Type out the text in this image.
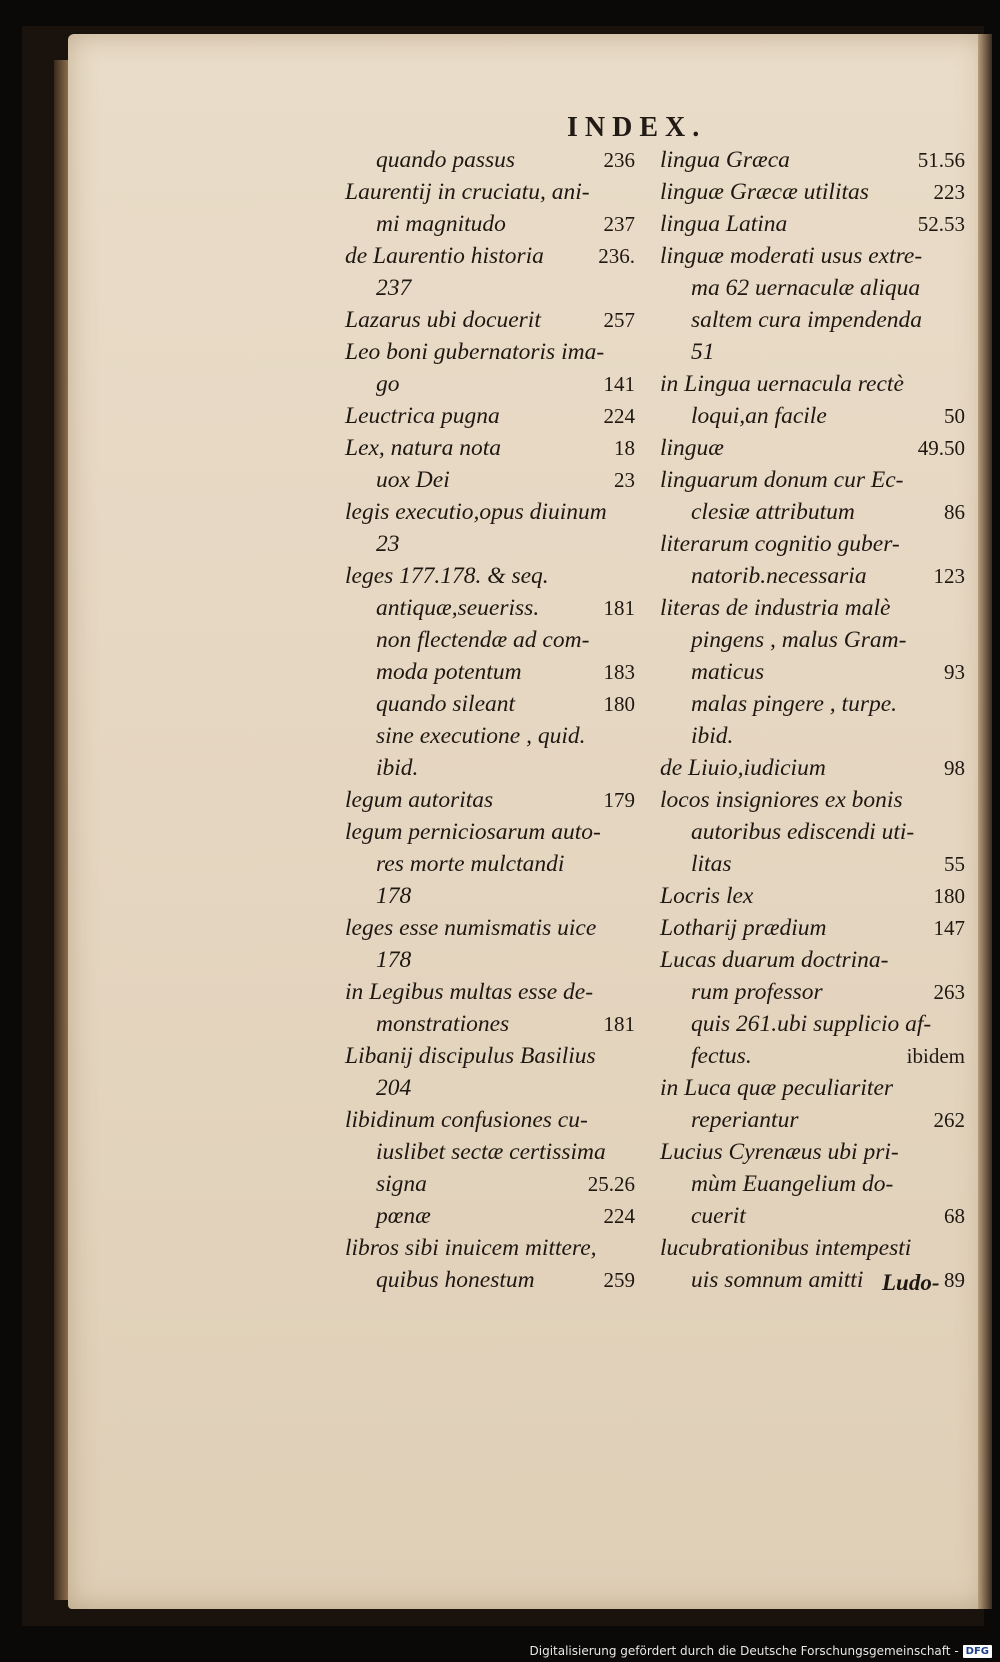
INDEX.
quando passus	236
Laurentij in cruciatu, ani-
mi magnitudo	237
de Laurentio historia	236.
237
Lazarus ubi docuerit	257
Leo boni gubernatoris ima-
go	141
Leuctrica pugna	224
Lex, natura nota	18
uox Dei	23
legis executio,opus diuinum
23
leges 177.178. & seq.
antiquæ,seueriss.	181
non flectendæ ad com-
moda potentum	183
quando sileant	180
sine executione , quid.
ibid.
legum autoritas	179
legum perniciosarum auto-
res morte mulctandi
178
leges esse numismatis uice
178
in Legibus multas esse de-
monstrationes	181
Libanij discipulus Basilius
204
libidinum confusiones cu-
iuslibet sectæ certissima
signa	25.26
pœnæ	224
libros sibi inuicem mittere,
quibus honestum	259
lingua Græca	51.56
linguæ Græcæ utilitas	223
lingua Latina	52.53
linguæ moderati usus extre-
ma 62 uernaculæ aliqua
saltem cura impendenda
51
in Lingua uernacula rectè
loqui,an facile	50
linguæ	49.50
linguarum donum cur Ec-
clesiæ attributum	86
literarum cognitio guber-
natorib.necessaria	123
literas de industria malè
pingens , malus Gram-
maticus	93
malas pingere , turpe.
ibid.
de Liuio,iudicium	98
locos insigniores ex bonis
autoribus ediscendi uti-
litas	55
Locris lex	180
Lotharij prædium	147
Lucas duarum doctrina-
rum professor	263
quis 261.ubi supplicio af-
fectus.	ibidem
in Luca quæ peculiariter
reperiantur	262
Lucius Cyrenæus ubi pri-
mùm Euangelium do-
cuerit	68
lucubrationibus intempesti
uis somnum amitti	89
Ludo-
Digitalisierung gefördert durch die Deutsche Forschungsgemeinschaft - DFG
